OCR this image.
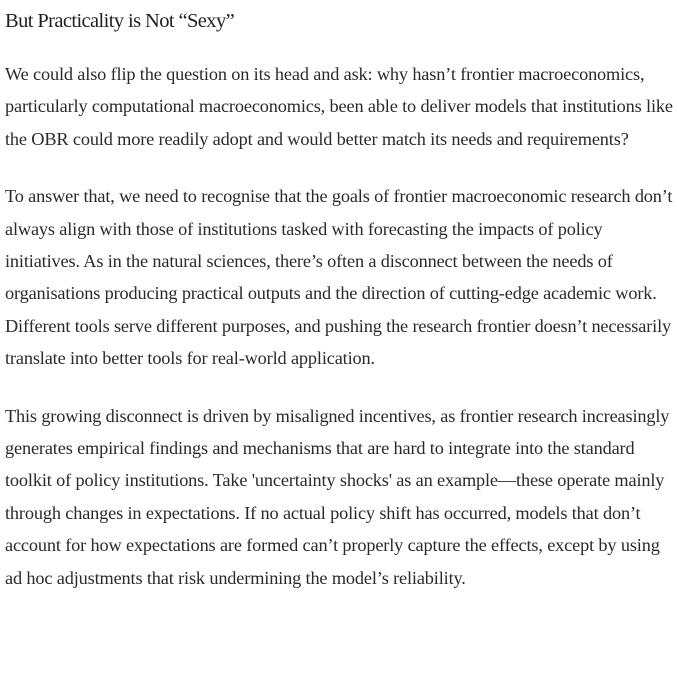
But Practicality is Not “Sexy”

We could also flip the question on its head and ask: why hasn’t frontier macroeconomics, particularly computational macroeconomics, been able to deliver models that institutions like the OBR could more readily adopt and would better match its needs and requirements?

To answer that, we need to recognise that the goals of frontier macroeconomic research don’t always align with those of institutions tasked with forecasting the impacts of policy initiatives. As in the natural sciences, there’s often a disconnect between the needs of organisations producing practical outputs and the direction of cutting-edge academic work. Different tools serve different purposes, and pushing the research frontier doesn’t necessarily translate into better tools for real-world application.

This growing disconnect is driven by misaligned incentives, as frontier research increasingly generates empirical findings and mechanisms that are hard to integrate into the standard toolkit of policy institutions. Take 'uncertainty shocks' as an example—these operate mainly through changes in expectations. If no actual policy shift has occurred, models that don’t account for how expectations are formed can’t properly capture the effects, except by using ad hoc adjustments that risk undermining the model’s reliability.
